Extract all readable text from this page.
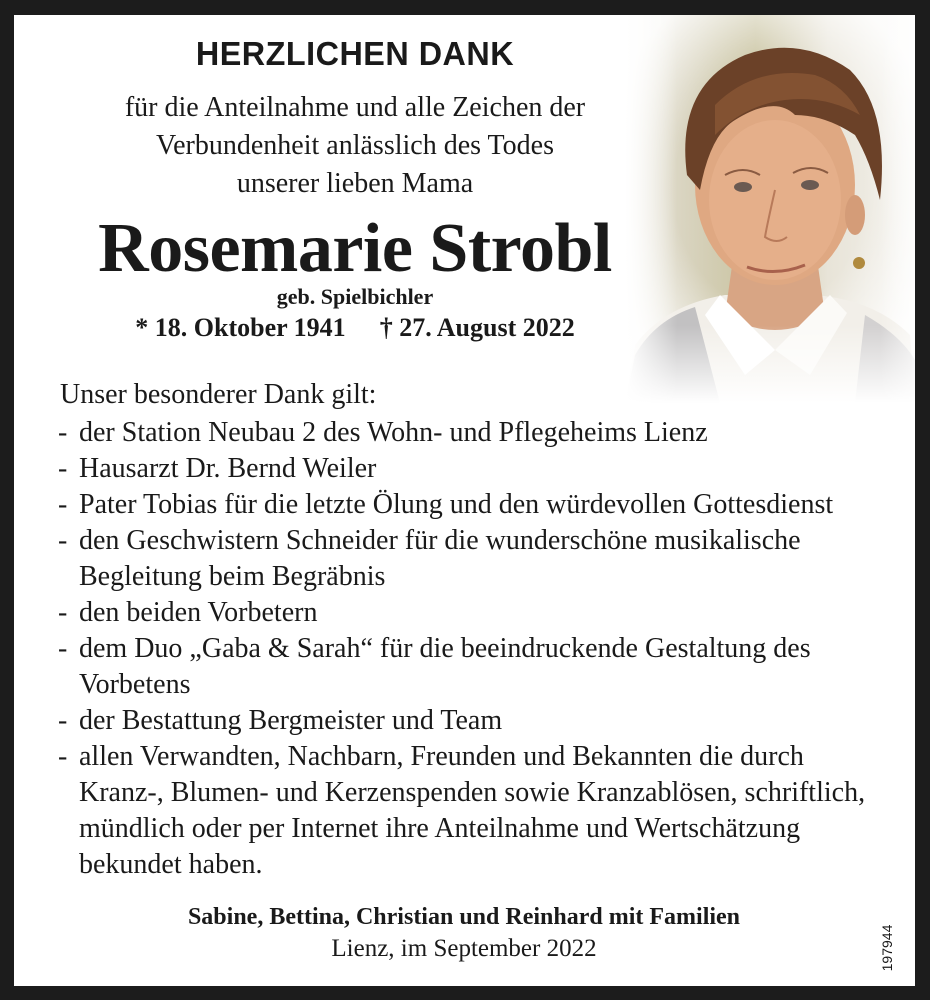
HERZLICHEN DANK
für die Anteilnahme und alle Zeichen der
Verbundenheit anlässlich des Todes
unserer lieben Mama
Rosemarie Strobl
geb. Spielbichler
* 18. Oktober 1941 † 27. August 2022
Unser besonderer Dank gilt:
- der Station Neubau 2 des Wohn- und Pflegeheims Lienz
- Hausarzt Dr. Bernd Weiler
- Pater Tobias für die letzte Ölung und den würdevollen Gottesdienst
- den Geschwistern Schneider für die wunderschöne musikalische Begleitung beim Begräbnis
- den beiden Vorbetern
- dem Duo „Gaba & Sarah“ für die beeindruckende Gestaltung des Vorbetens
- der Bestattung Bergmeister und Team
- allen Verwandten, Nachbarn, Freunden und Bekannten die durch Kranz-, Blumen- und Kerzenspenden sowie Kranzablösen, schriftlich, mündlich oder per Internet ihre Anteilnahme und Wertschätzung bekundet haben.
Sabine, Bettina, Christian und Reinhard mit Familien
Lienz, im September 2022	197944
